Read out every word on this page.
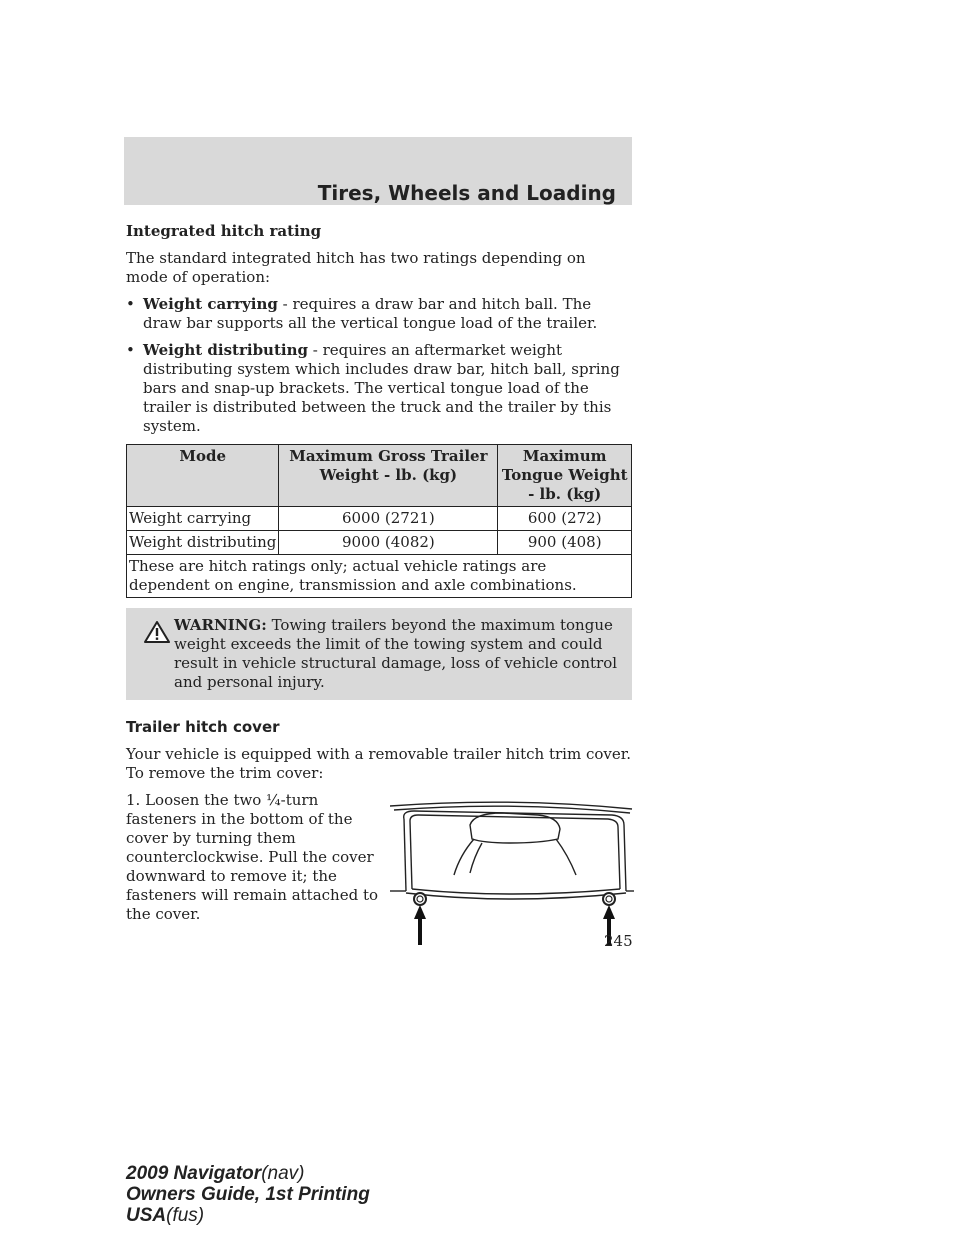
Tires, Wheels and Loading
Integrated hitch rating

The standard integrated hitch has two ratings depending on mode of operation:

• Weight carrying - requires a draw bar and hitch ball. The draw bar supports all the vertical tongue load of the trailer.
• Weight distributing - requires an aftermarket weight distributing system which includes draw bar, hitch ball, spring bars and snap-up brackets. The vertical tongue load of the trailer is distributed between the truck and the trailer by this system.
Mode	Maximum Gross Trailer Weight - lb. (kg)	Maximum Tongue Weight - lb. (kg)
Weight carrying	6000 (2721)	600 (272)
Weight distributing	9000 (4082)	900 (408)
These are hitch ratings only; actual vehicle ratings are dependent on engine, transmission and axle combinations.		
WARNING: Towing trailers beyond the maximum tongue weight exceeds the limit of the towing system and could result in vehicle structural damage, loss of vehicle control and personal injury.
Trailer hitch cover

Your vehicle is equipped with a removable trailer hitch trim cover. To remove the trim cover:

1. Loosen the two ¼-turn fasteners in the bottom of the cover by turning them counterclockwise. Pull the cover downward to remove it; the fasteners will remain attached to the cover.
245
2009 Navigator(nav)
Owners Guide, 1st Printing
USA(fus)
